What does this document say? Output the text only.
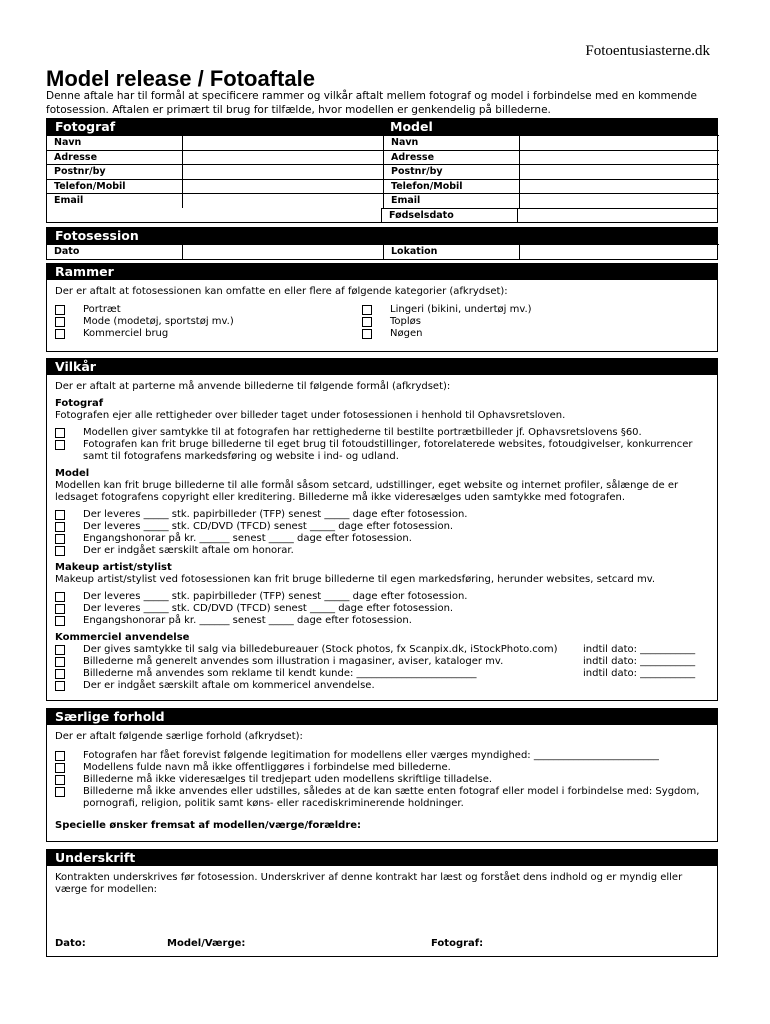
Fotoentusiasterne.dk
Model release / Fotoaftale
Denne aftale har til formål at specificere rammer og vilkår aftalt mellem fotograf og model i forbindelse med en kommende fotosession. Aftalen er primært til brug for tilfælde, hvor modellen er genkendelig på billederne.
Fotograf	Model
Navn	Navn
Adresse	Adresse
Postnr/by	Postnr/by
Telefon/Mobil	Telefon/Mobil
Email	Email
Fødselsdato
Fotosession
Dato	Lokation
Rammer
Der er aftalt at fotosessionen kan omfatte en eller flere af følgende kategorier (afkrydset):
Portræt
Mode (modetøj, sportstøj mv.)
Kommerciel brug
Lingeri (bikini, undertøj mv.)
Topløs
Nøgen
Vilkår
Der er aftalt at parterne må anvende billederne til følgende formål (afkrydset):
Fotograf
Fotografen ejer alle rettigheder over billeder taget under fotosessionen i henhold til Ophavsretsloven.
Modellen giver samtykke til at fotografen har rettighederne til bestilte portrætbilleder jf. Ophavsretslovens §60.
Fotografen kan frit bruge billederne til eget brug til fotoudstillinger, fotorelaterede websites, fotoudgivelser, konkurrencer samt til fotografens markedsføring og website i ind- og udland.
Model
Modellen kan frit bruge billederne til alle formål såsom setcard, udstillinger, eget website og internet profiler, sålænge de er ledsaget fotografens copyright eller kreditering. Billederne må ikke videresælges uden samtykke med fotografen.
Der leveres _____ stk. papirbilleder (TFP) senest _____ dage efter fotosession.
Der leveres _____ stk. CD/DVD (TFCD) senest _____ dage efter fotosession.
Engangshonorar på kr. ______ senest _____ dage efter fotosession.
Der er indgået særskilt aftale om honorar.
Makeup artist/stylist
Makeup artist/stylist ved fotosessionen kan frit bruge billederne til egen markedsføring, herunder websites, setcard mv.
Der leveres _____ stk. papirbilleder (TFP) senest _____ dage efter fotosession.
Der leveres _____ stk. CD/DVD (TFCD) senest _____ dage efter fotosession.
Engangshonorar på kr. ______ senest _____ dage efter fotosession.
Kommerciel anvendelse
Der gives samtykke til salg via billedebureauer (Stock photos, fx Scanpix.dk, iStockPhoto.com)	indtil dato: ___________
Billederne må generelt anvendes som illustration i magasiner, aviser, kataloger mv.	indtil dato: ___________
Billederne må anvendes som reklame til kendt kunde: ________________________	indtil dato: ___________
Der er indgået særskilt aftale om kommericel anvendelse.
Særlige forhold
Der er aftalt følgende særlige forhold (afkrydset):
Fotografen har fået forevist følgende legitimation for modellens eller værges myndighed: _________________________
Modellens fulde navn må ikke offentliggøres i forbindelse med billederne.
Billederne må ikke videresælges til tredjepart uden modellens skriftlige tilladelse.
Billederne må ikke anvendes eller udstilles, således at de kan sætte enten fotograf eller model i forbindelse med: Sygdom, pornografi, religion, politik samt køns- eller racediskriminerende holdninger.
Specielle ønsker fremsat af modellen/værge/forældre:
Underskrift
Kontrakten underskrives før fotosession. Underskriver af denne kontrakt har læst og forstået dens indhold og er myndig eller værge for modellen:
Dato:	Model/Værge:	Fotograf:
